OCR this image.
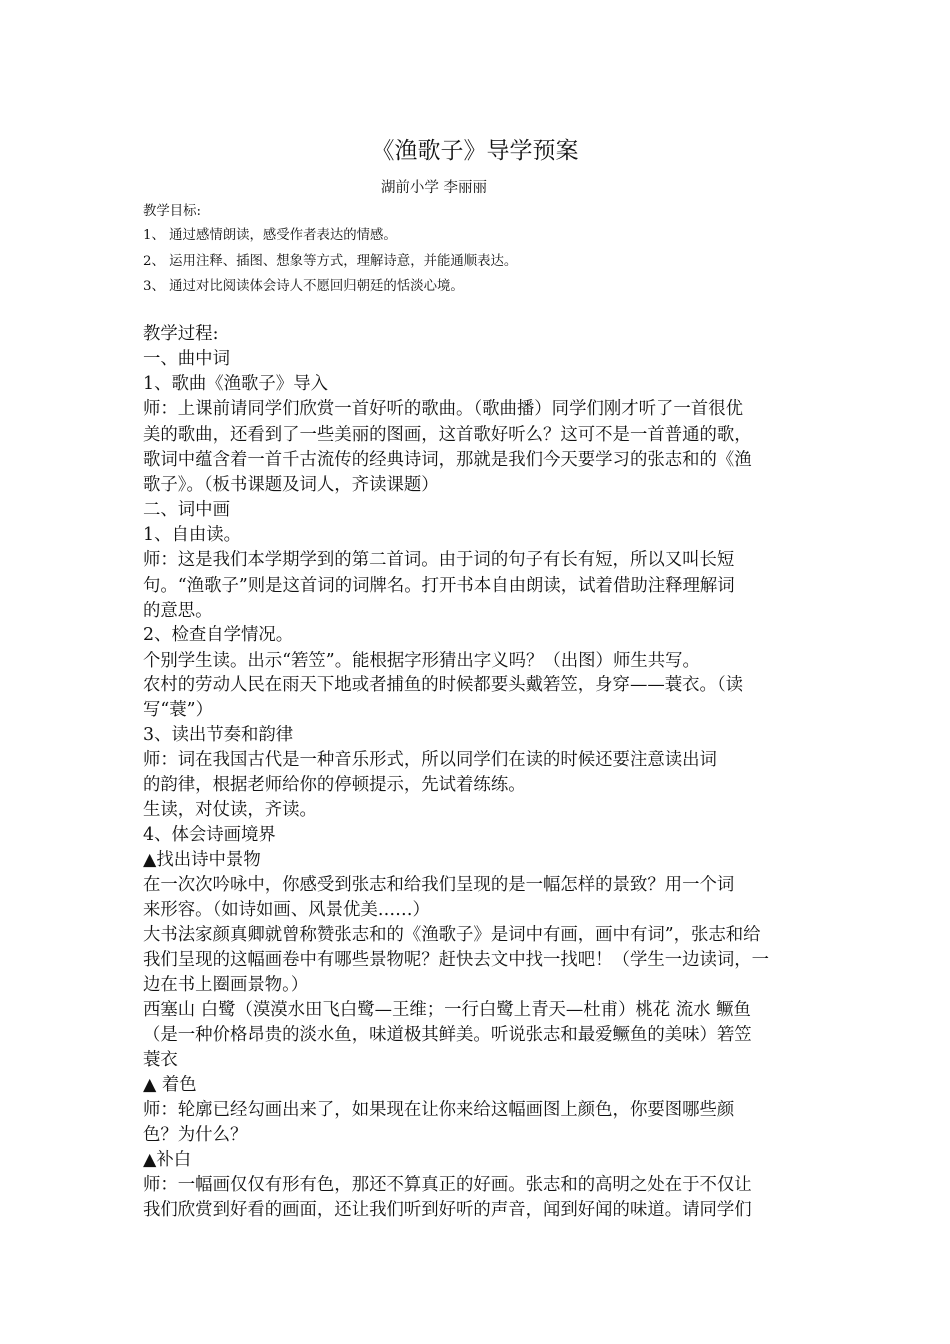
《渔歌子》导学预案
湖前小学 李丽丽
教学目标:
1、 通过感情朗读，感受作者表达的情感。
2、 运用注释、插图、想象等方式，理解诗意，并能通顺表达。
3、 通过对比阅读体会诗人不愿回归朝廷的恬淡心境。
教学过程:
一、曲中词
1、歌曲《渔歌子》导入
师：上课前请同学们欣赏一首好听的歌曲。（歌曲播）同学们刚才听了一首很优
美的歌曲，还看到了一些美丽的图画，这首歌好听么？这可不是一首普通的歌，
歌词中蕴含着一首千古流传的经典诗词，那就是我们今天要学习的张志和的《渔
歌子》。（板书课题及词人，齐读课题）
二、词中画
1、自由读。
师：这是我们本学期学到的第二首词。由于词的句子有长有短，所以又叫长短
句。“渔歌子”则是这首词的词牌名。打开书本自由朗读，试着借助注释理解词
的意思。
2、检查自学情况。
个别学生读。出示“箬笠”。能根据字形猜出字义吗？（出图）师生共写。
农村的劳动人民在雨天下地或者捕鱼的时候都要头戴箬笠，身穿——蓑衣。（读
写“蓑”）
3、读出节奏和韵律
师：词在我国古代是一种音乐形式，所以同学们在读的时候还要注意读出词
的韵律，根据老师给你的停顿提示，先试着练练。
生读，对仗读，齐读。
4、体会诗画境界
▲找出诗中景物
在一次次吟咏中，你感受到张志和给我们呈现的是一幅怎样的景致？用一个词
来形容。（如诗如画、风景优美……）
大书法家颜真卿就曾称赞张志和的《渔歌子》是词中有画，画中有词”，张志和给
我们呈现的这幅画卷中有哪些景物呢？赶快去文中找一找吧！（学生一边读词，一
边在书上圈画景物。）
西塞山 白鹭（漠漠水田飞白鹭—王维；一行白鹭上青天—杜甫）桃花 流水 鳜鱼
（是一种价格昂贵的淡水鱼，味道极其鲜美。听说张志和最爱鳜鱼的美味）箬笠
蓑衣
▲ 着色
师：轮廓已经勾画出来了，如果现在让你来给这幅画图上颜色，你要图哪些颜
色？为什么？
▲补白
师：一幅画仅仅有形有色，那还不算真正的好画。张志和的高明之处在于不仅让
我们欣赏到好看的画面，还让我们听到好听的声音，闻到好闻的味道。请同学们
